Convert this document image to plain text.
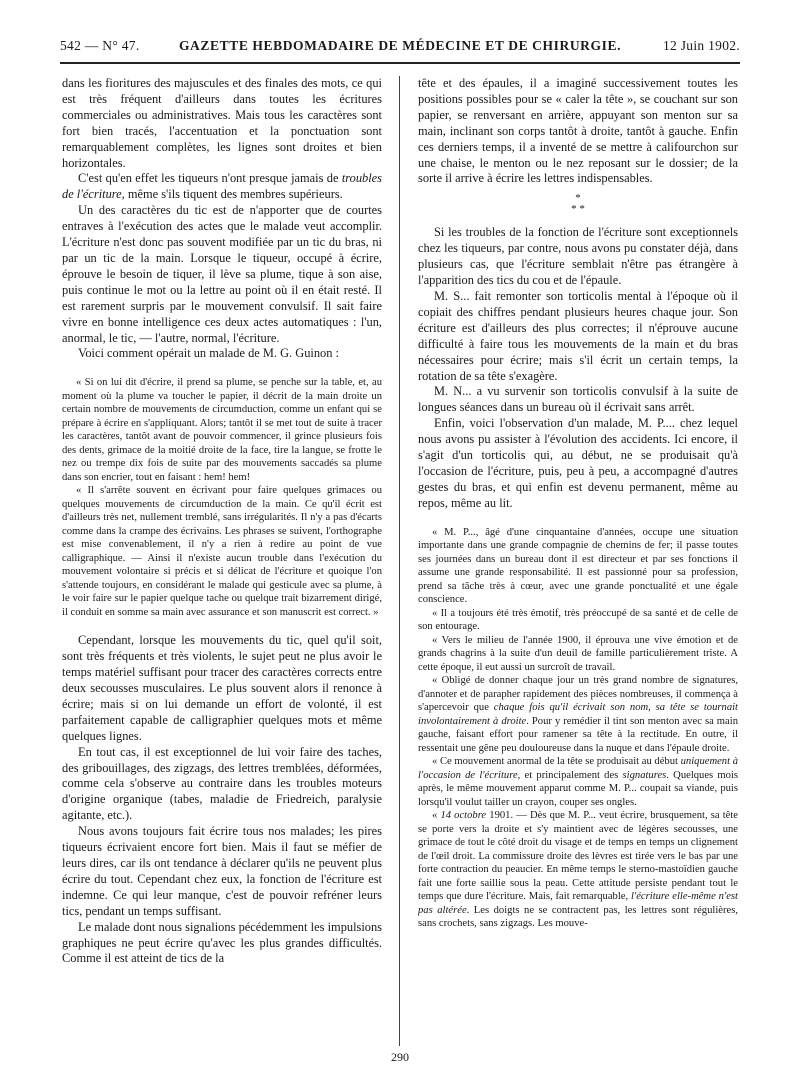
542 — N° 47.	GAZETTE HEBDOMADAIRE DE MÉDECINE ET DE CHIRURGIE.	12 Juin 1902.

dans les fioritures des majuscules et des finales des mots, ce qui est très fréquent d'ailleurs dans toutes les écritures commerciales ou administratives. Mais tous les caractères sont fort bien tracés, l'accentuation et la ponctuation sont remarquablement complètes, les lignes sont droites et bien horizontales.

C'est qu'en effet les tiqueurs n'ont presque jamais de troubles de l'écriture, même s'ils tiquent des membres supérieurs.

Un des caractères du tic est de n'apporter que de courtes entraves à l'exécution des actes que le malade veut accomplir. L'écriture n'est donc pas souvent modifiée par un tic du bras, ni par un tic de la main. Lorsque le tiqueur, occupé à écrire, éprouve le besoin de tiquer, il lève sa plume, tique à son aise, puis continue le mot ou la lettre au point où il en était resté. Il est rarement surpris par le mouvement convulsif. Il sait faire vivre en bonne intelligence ces deux actes automatiques : l'un, anormal, le tic, — l'autre, normal, l'écriture.

Voici comment opérait un malade de M. G. Guinon :

« Si on lui dit d'écrire, il prend sa plume, se penche sur la table, et, au moment où la plume va toucher le papier, il décrit de la main droite un certain nombre de mouvements de circumduction, comme un enfant qui se prépare à écrire en s'appliquant. Alors; tantôt il se met tout de suite à tracer les caractères, tantôt avant de pouvoir commencer, il grince plusieurs fois des dents, grimace de la moitié droite de la face, tire la langue, se frotte le nez ou trempe dix fois de suite par des mouvements saccadés sa plume dans son encrier, tout en faisant : hem! hem!

« Il s'arrête souvent en écrivant pour faire quelques grimaces ou quelques mouvements de circumduction de la main. Ce qu'il écrit est d'ailleurs très net, nullement tremblé, sans irrégularités. Il n'y a pas d'écarts comme dans la crampe des écrivains. Les phrases se suivent, l'orthographe est mise convenablement, il n'y a rien à redire au point de vue calligraphique. — Ainsi il n'existe aucun trouble dans l'exécution du mouvement volontaire si précis et si délicat de l'écriture et quoique l'on s'attende toujours, en considérant le malade qui gesticule avec sa plume, à le voir faire sur le papier quelque tache ou quelque trait bizarrement dirigé, il conduit en somme sa main avec assurance et son manuscrit est correct. »

Cependant, lorsque les mouvements du tic, quel qu'il soit, sont très fréquents et très violents, le sujet peut ne plus avoir le temps matériel suffisant pour tracer des caractères corrects entre deux secousses musculaires. Le plus souvent alors il renonce à écrire; mais si on lui demande un effort de volonté, il est parfaitement capable de calligraphier quelques mots et même quelques lignes.

En tout cas, il est exceptionnel de lui voir faire des taches, des gribouillages, des zigzags, des lettres tremblées, déformées, comme cela s'observe au contraire dans les troubles moteurs d'origine organique (tabes, maladie de Friedreich, paralysie agitante, etc.).

Nous avons toujours fait écrire tous nos malades; les pires tiqueurs écrivaient encore fort bien. Mais il faut se méfier de leurs dires, car ils ont tendance à déclarer qu'ils ne peuvent plus écrire du tout. Cependant chez eux, la fonction de l'écriture est indemne. Ce qui leur manque, c'est de pouvoir refréner leurs tics, pendant un temps suffisant.

Le malade dont nous signalions pécédemment les impulsions graphiques ne peut écrire qu'avec les plus grandes difficultés. Comme il est atteint de tics de la

tête et des épaules, il a imaginé successivement toutes les positions possibles pour se « caler la tête », se couchant sur son papier, se renversant en arrière, appuyant son menton sur sa main, inclinant son corps tantôt à droite, tantôt à gauche. Enfin ces derniers temps, il a inventé de se mettre à califourchon sur une chaise, le menton ou le nez reposant sur le dossier; de la sorte il arrive à écrire les lettres indispensables.

*
* *

Si les troubles de la fonction de l'écriture sont exceptionnels chez les tiqueurs, par contre, nous avons pu constater déjà, dans plusieurs cas, que l'écriture semblait n'être pas étrangère à l'apparition des tics du cou et de l'épaule.

M. S... fait remonter son torticolis mental à l'époque où il copiait des chiffres pendant plusieurs heures chaque jour. Son écriture est d'ailleurs des plus correctes; il n'éprouve aucune difficulté à faire tous les mouvements de la main et du bras nécessaires pour écrire; mais s'il écrit un certain temps, la rotation de sa tête s'exagère.

M. N... a vu survenir son torticolis convulsif à la suite de longues séances dans un bureau où il écrivait sans arrêt.

Enfin, voici l'observation d'un malade, M. P.... chez lequel nous avons pu assister à l'évolution des accidents. Ici encore, il s'agit d'un torticolis qui, au début, ne se produisait qu'à l'occasion de l'écriture, puis, peu à peu, a accompagné d'autres gestes du bras, et qui enfin est devenu permanent, même au repos, même au lit.

« M. P..., âgé d'une cinquantaine d'années, occupe une situation importante dans une grande compagnie de chemins de fer; il passe toutes ses journées dans un bureau dont il est directeur et par ses fonctions il assume une grande responsabilité. Il est passionné pour sa profession, prend sa tâche très à cœur, avec une grande ponctualité et une égale conscience.

« Il a toujours été très émotif, très préoccupé de sa santé et de celle de son entourage.

« Vers le milieu de l'année 1900, il éprouva une vive émotion et de grands chagrins à la suite d'un deuil de famille particulièrement triste. A cette époque, il eut aussi un surcroît de travail.

« Obligé de donner chaque jour un très grand nombre de signatures, d'annoter et de parapher rapidement des pièces nombreuses, il commença à s'apercevoir que chaque fois qu'il écrivait son nom, sa tête se tournait involontairement à droite. Pour y remédier il tint son menton avec sa main gauche, faisant effort pour ramener sa tête à la rectitude. En outre, il ressentait une gêne peu douloureuse dans la nuque et dans l'épaule droite.

« Ce mouvement anormal de la tête se produisait au début uniquement à l'occasion de l'écriture, et principalement des signatures. Quelques mois après, le même mouvement apparut comme M. P... coupait sa viande, puis lorsqu'il voulut tailler un crayon, couper ses ongles.

« 14 octobre 1901. — Dès que M. P... veut écrire, brusquement, sa tête se porte vers la droite et s'y maintient avec de légères secousses, une grimace de tout le côté droit du visage et de temps en temps un clignement de l'œil droit. La commissure droite des lèvres est tirée vers le bas par une forte contraction du peaucier. En même temps le sterno-mastoïdien gauche fait une forte saillie sous la peau. Cette attitude persiste pendant tout le temps que dure l'écriture. Mais, fait remarquable, l'écriture elle-même n'est pas altérée. Les doigts ne se contractent pas, les lettres sont régulières, sans crochets, sans zigzags. Les mouve-

290
